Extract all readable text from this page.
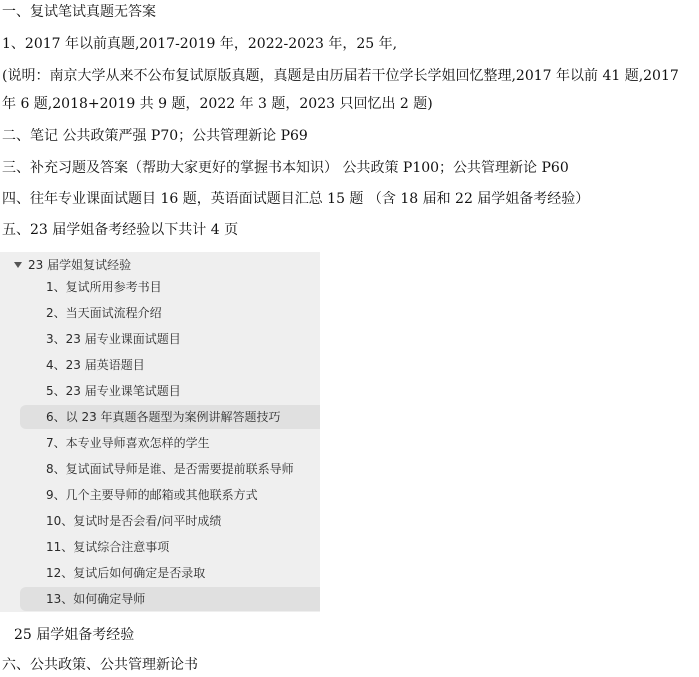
一、复试笔试真题无答案
1、2017 年以前真题,2017-2019 年，2022-2023 年，25 年,
(说明：南京大学从来不公布复试原版真题，真题是由历届若干位学长学姐回忆整理,2017 年以前 41 题,2017 年 6 题,2018+2019 共 9 题，2022 年 3 题，2023 只回忆出 2 题)
二、笔记 公共政策严强 P70；公共管理新论 P69
三、补充习题及答案（帮助大家更好的掌握书本知识） 公共政策 P100；公共管理新论 P60
四、往年专业课面试题目 16 题，英语面试题目汇总 15 题 （含 18 届和 22 届学姐备考经验）
五、23 届学姐备考经验以下共计 4 页
23 届学姐复试经验
1、复试所用参考书目
2、当天面试流程介绍
3、23 届专业课面试题目
4、23 届英语题目
5、23 届专业课笔试题目
6、以 23 年真题各题型为案例讲解答题技巧
7、本专业导师喜欢怎样的学生
8、复试面试导师是谁、是否需要提前联系导师
9、几个主要导师的邮箱或其他联系方式
10、复试时是否会看/问平时成绩
11、复试综合注意事项
12、复试后如何确定是否录取
13、如何确定导师
25 届学姐备考经验
六、公共政策、公共管理新论书
